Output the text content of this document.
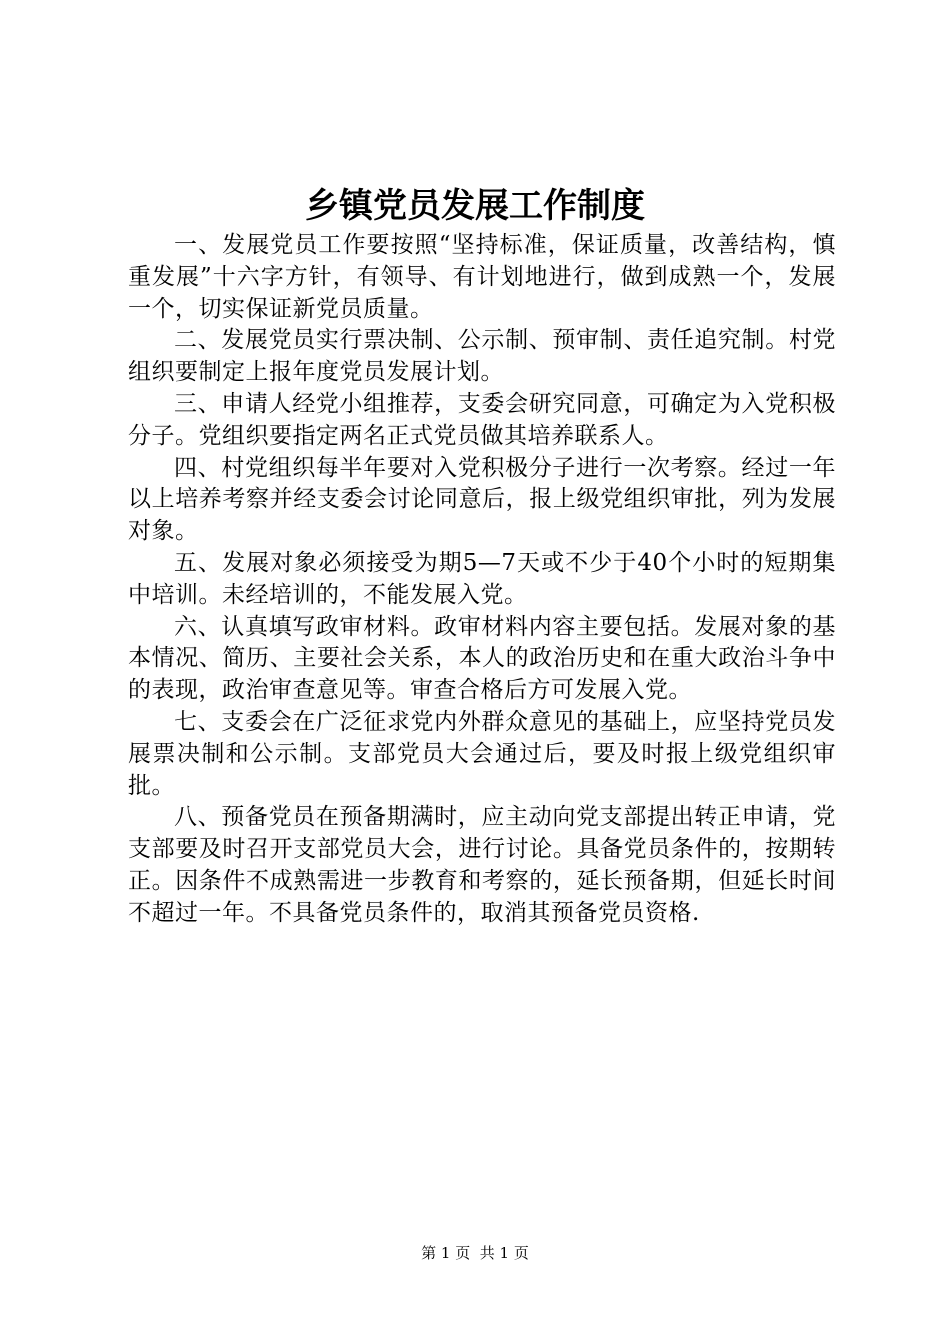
乡镇党员发展工作制度

一、发展党员工作要按照“坚持标准，保证质量，改善结构，慎重发展”十六字方针，有领导、有计划地进行，做到成熟一个，发展一个，切实保证新党员质量。

二、发展党员实行票决制、公示制、预审制、责任追究制。村党组织要制定上报年度党员发展计划。

三、申请人经党小组推荐，支委会研究同意，可确定为入党积极分子。党组织要指定两名正式党员做其培养联系人。

四、村党组织每半年要对入党积极分子进行一次考察。经过一年以上培养考察并经支委会讨论同意后，报上级党组织审批，列为发展对象。

五、发展对象必须接受为期5—7天或不少于40个小时的短期集中培训。未经培训的，不能发展入党。

六、认真填写政审材料。政审材料内容主要包括。发展对象的基本情况、简历、主要社会关系，本人的政治历史和在重大政治斗争中的表现，政治审查意见等。审查合格后方可发展入党。

七、支委会在广泛征求党内外群众意见的基础上，应坚持党员发展票决制和公示制。支部党员大会通过后，要及时报上级党组织审批。

八、预备党员在预备期满时，应主动向党支部提出转正申请，党支部要及时召开支部党员大会，进行讨论。具备党员条件的，按期转正。因条件不成熟需进一步教育和考察的，延长预备期，但延长时间不超过一年。不具备党员条件的，取消其预备党员资格.

第 1 页  共 1 页
